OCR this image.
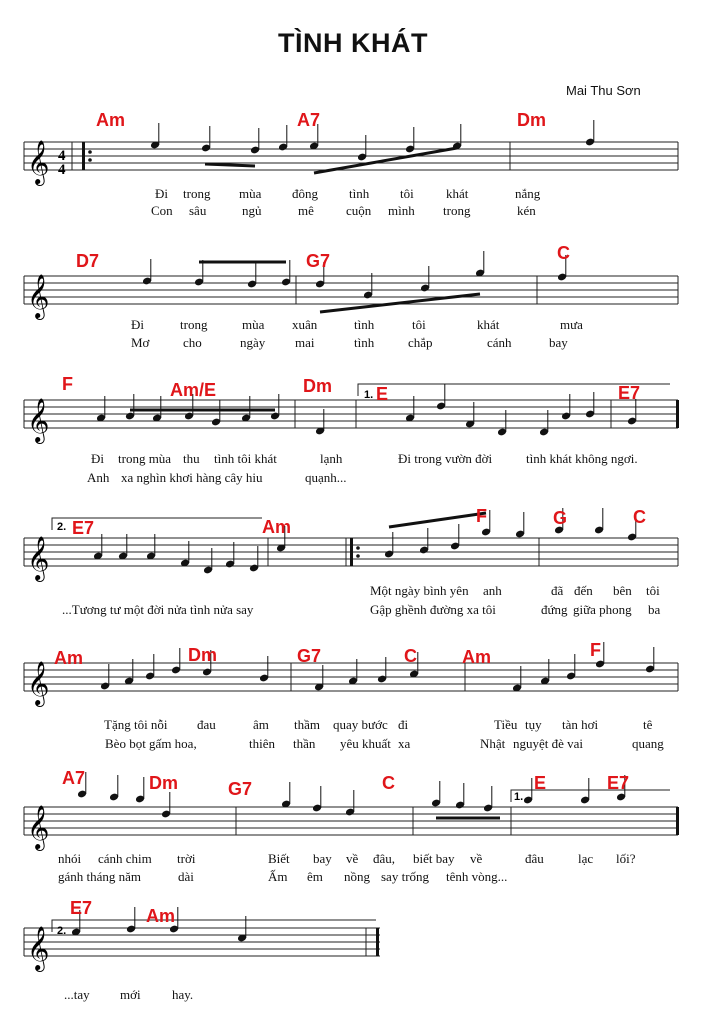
TÌNH KHÁT
Mai Thu Sơn
𝄞
𝄞
𝄞
𝄞
𝄞
𝄞
𝄞
4
4
1.
2.
1.
2.
Am	A7	Dm
D7	G7	C
F	Am/E	Dm E	E7
E7	Am
F	G	C
Am	Dm	G7	C	Am	F
A7	Dm	G7	C	E	E7
E7	Am
Đi trong mùa đông tình tôi khát	nắng
Con sâu	ngủ	mê cuộn mình trong	kén
Đi	trong	mùa xuân	tình	tôi	khát	mưa
Mơ	cho	ngày mai	tình	chắp	cánh	bay
Đi trong mùa thu tình tôi khát	lạnh	Đi trong vườn đời	tình khát không ngơi.
Anh xa nghìn khơi hàng cây hiu	quạnh...
Một ngày bình yên anh	đã đến bên tôi
...Tương tư một đời nửa tình nửa say	Gập ghềnh đường xa tôi	đứng giữa phong ba
Tặng tôi nỗi đau	âm thầm quay bước đi	Tiều tụy tàn hơi	tê
Bèo bọt gấm hoa,	thiên thần yêu khuất xa	Nhật nguyệt đè vai	quang
nhói cánh chim trời	Biết bay về đâu, biết bay về	đâu	lạc lối?
gánh tháng năm	dài	Ấm êm nồng say trống tênh vòng...
...tay mới hay.
